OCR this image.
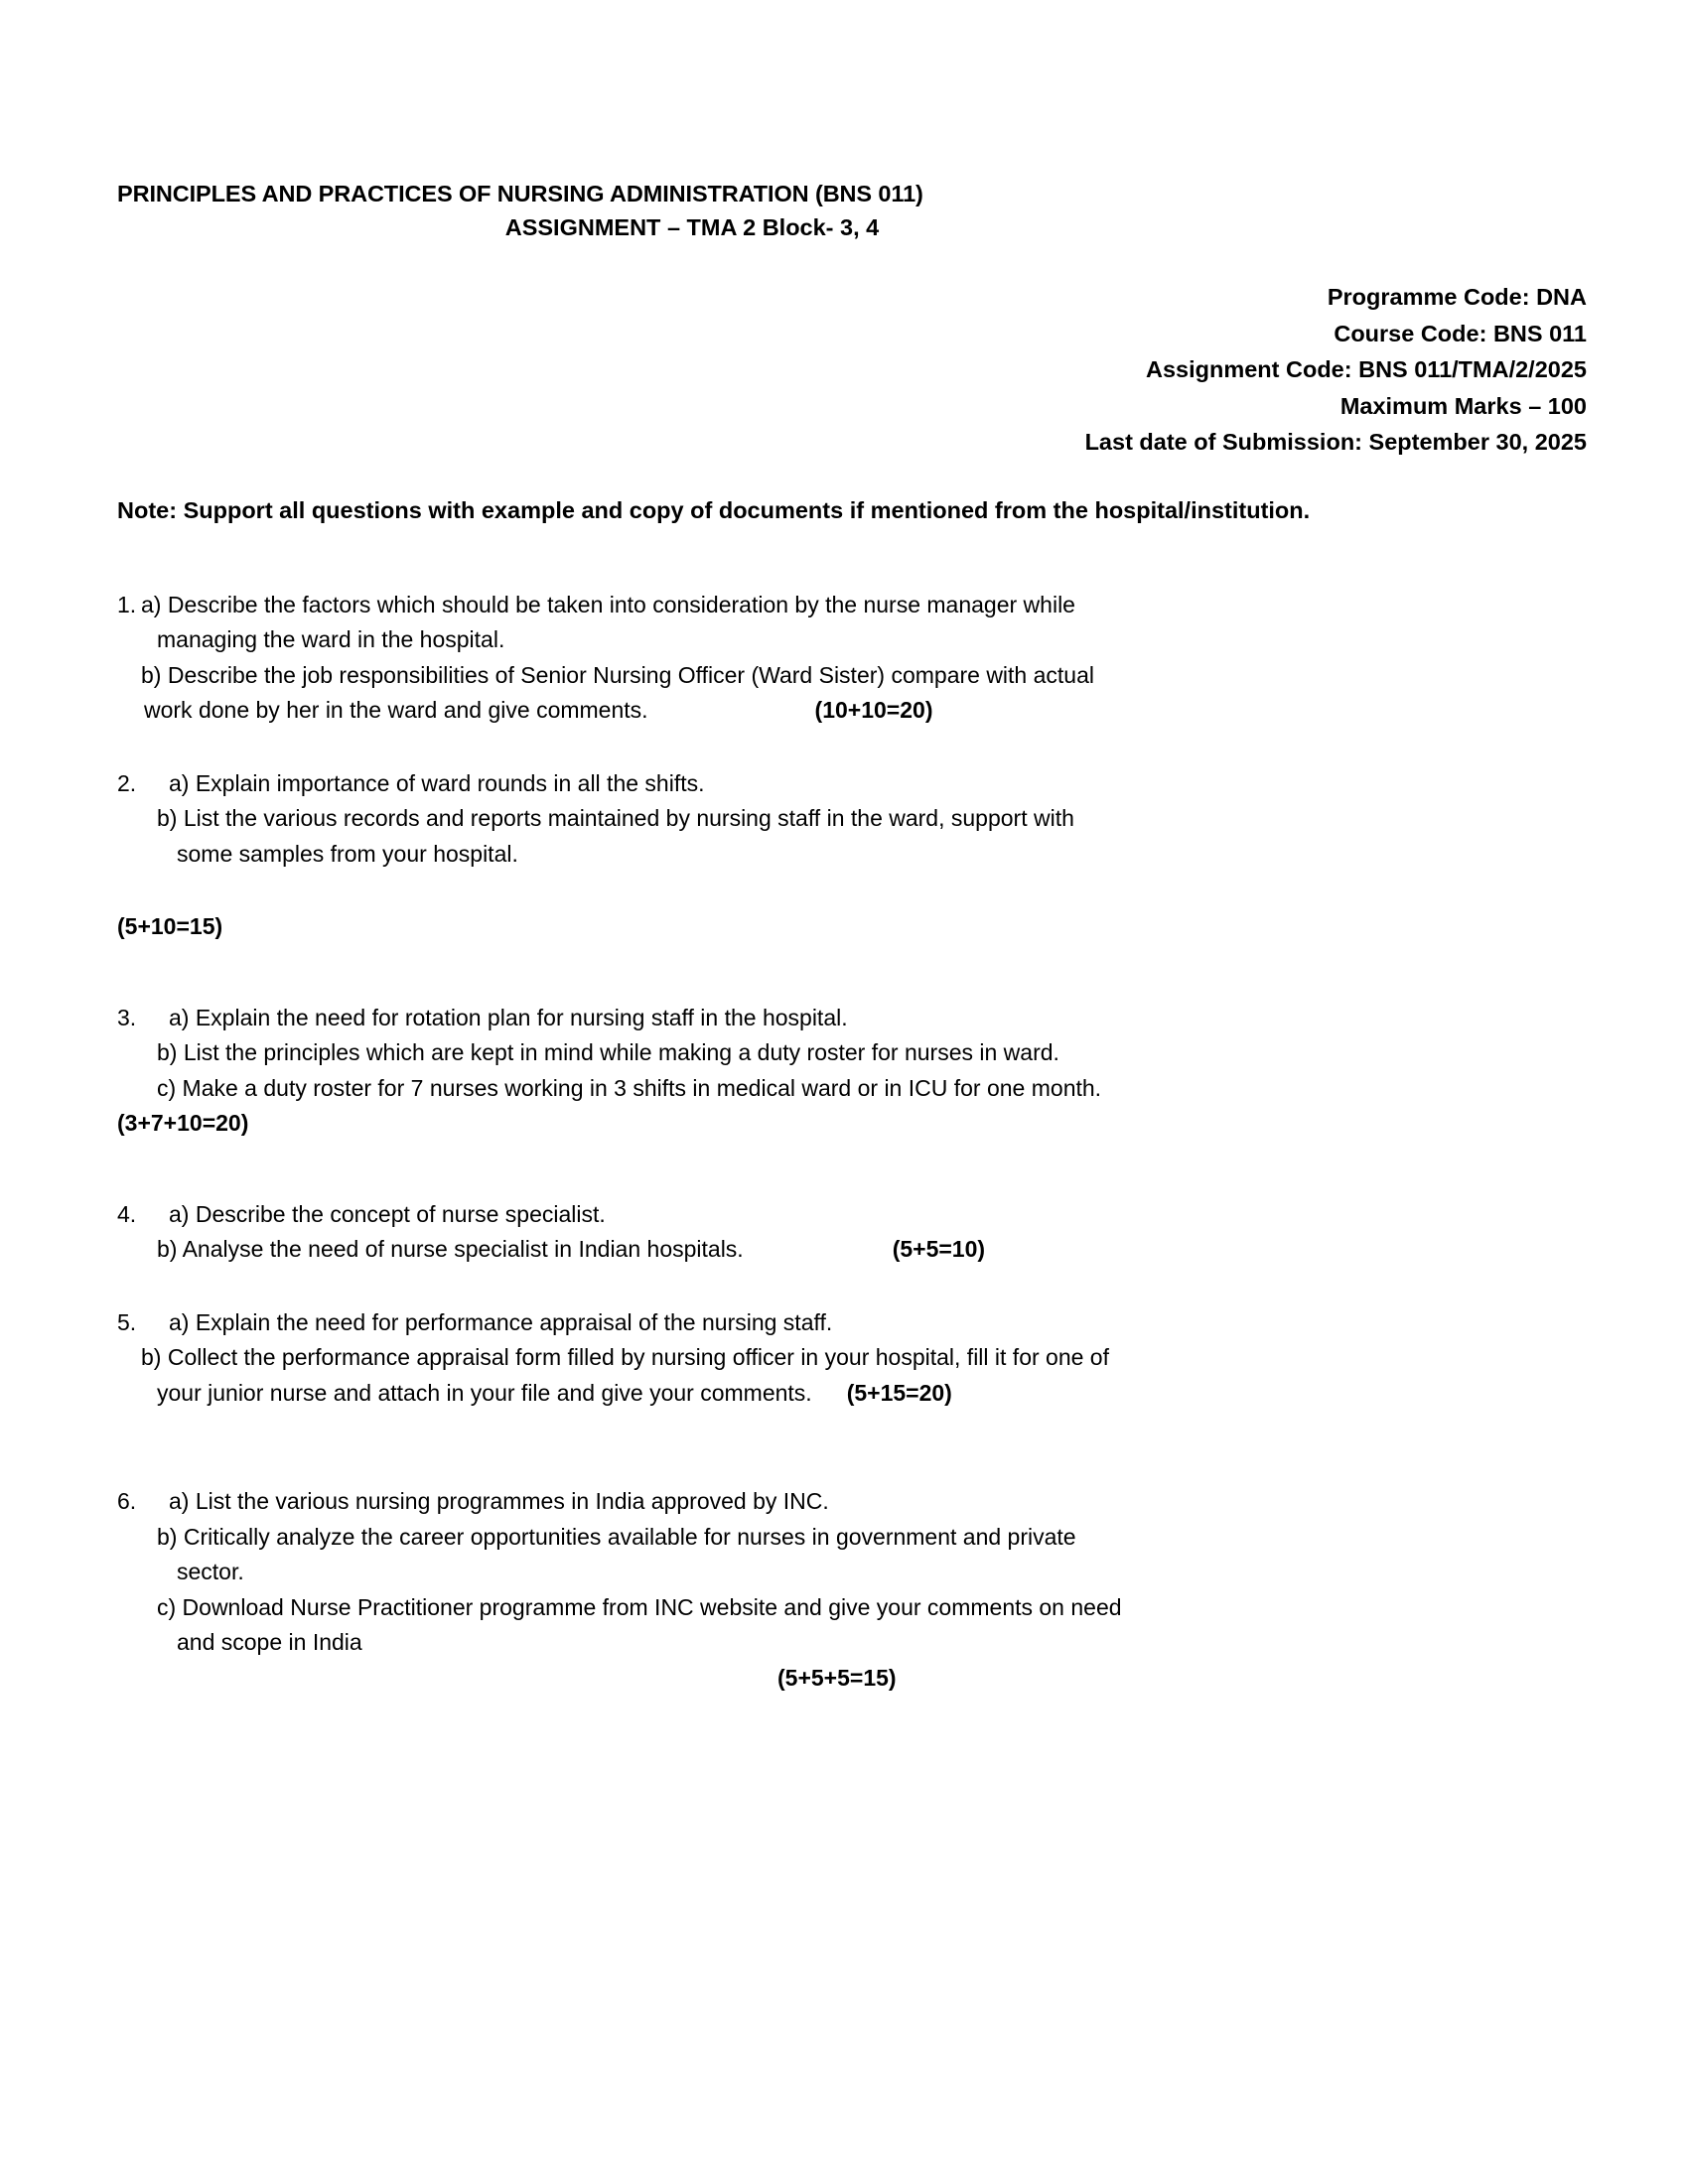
PRINCIPLES AND PRACTICES OF NURSING ADMINISTRATION (BNS 011)
ASSIGNMENT – TMA 2 Block- 3, 4
Programme Code: DNA
Course Code: BNS 011
Assignment Code: BNS 011/TMA/2/2025
Maximum Marks – 100
Last date of Submission: September 30, 2025
Note: Support all questions with example and copy of documents if mentioned from the hospital/institution.
1. a) Describe the factors which should be taken into consideration by the nurse manager while
managing the ward in the hospital.
b) Describe the job responsibilities of Senior Nursing Officer (Ward Sister) compare with actual
work done by her in the ward and give comments.	(10+10=20)
2.	a) Explain importance of ward rounds in all the shifts.
b) List the various records and reports maintained by nursing staff in the ward, support with
some samples from your hospital.
(5+10=15)
3.	a) Explain the need for rotation plan for nursing staff in the hospital.
b) List the principles which are kept in mind while making a duty roster for nurses in ward.
c) Make a duty roster for 7 nurses working in 3 shifts in medical ward or in ICU for one month.
(3+7+10=20)
4.	a) Describe the concept of nurse specialist.
b) Analyse the need of nurse specialist in Indian hospitals.	(5+5=10)
5.	a) Explain the need for performance appraisal of the nursing staff.
b) Collect the performance appraisal form filled by nursing officer in your hospital, fill it for one of
your junior nurse and attach in your file and give your comments. (5+15=20)
6.	a) List the various nursing programmes in India approved by INC.
b) Critically analyze the career opportunities available for nurses in government and private
sector.
c) Download Nurse Practitioner programme from INC website and give your comments on need
and scope in India
(5+5+5=15)
